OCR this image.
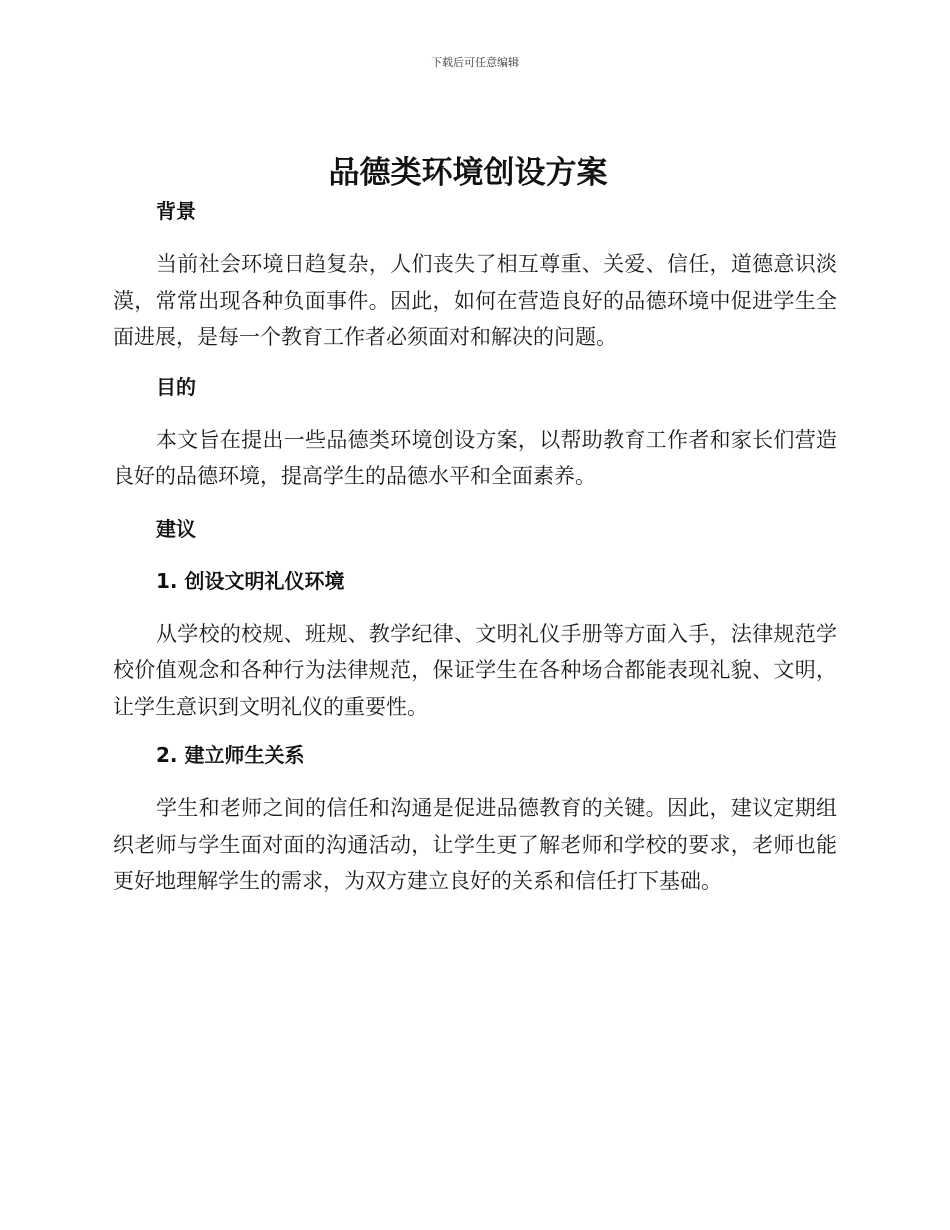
下载后可任意编辑
品德类环境创设方案
背景

当前社会环境日趋复杂，人们丧失了相互尊重、关爱、信任，道德意识淡漠，常常出现各种负面事件。因此，如何在营造良好的品德环境中促进学生全面进展，是每一个教育工作者必须面对和解决的问题。

目的

本文旨在提出一些品德类环境创设方案，以帮助教育工作者和家长们营造良好的品德环境，提高学生的品德水平和全面素养。

建议
1. 创设文明礼仪环境

从学校的校规、班规、教学纪律、文明礼仪手册等方面入手，法律规范学校价值观念和各种行为法律规范，保证学生在各种场合都能表现礼貌、文明，让学生意识到文明礼仪的重要性。

2. 建立师生关系

学生和老师之间的信任和沟通是促进品德教育的关键。因此，建议定期组织老师与学生面对面的沟通活动，让学生更了解老师和学校的要求，老师也能更好地理解学生的需求，为双方建立良好的关系和信任打下基础。
